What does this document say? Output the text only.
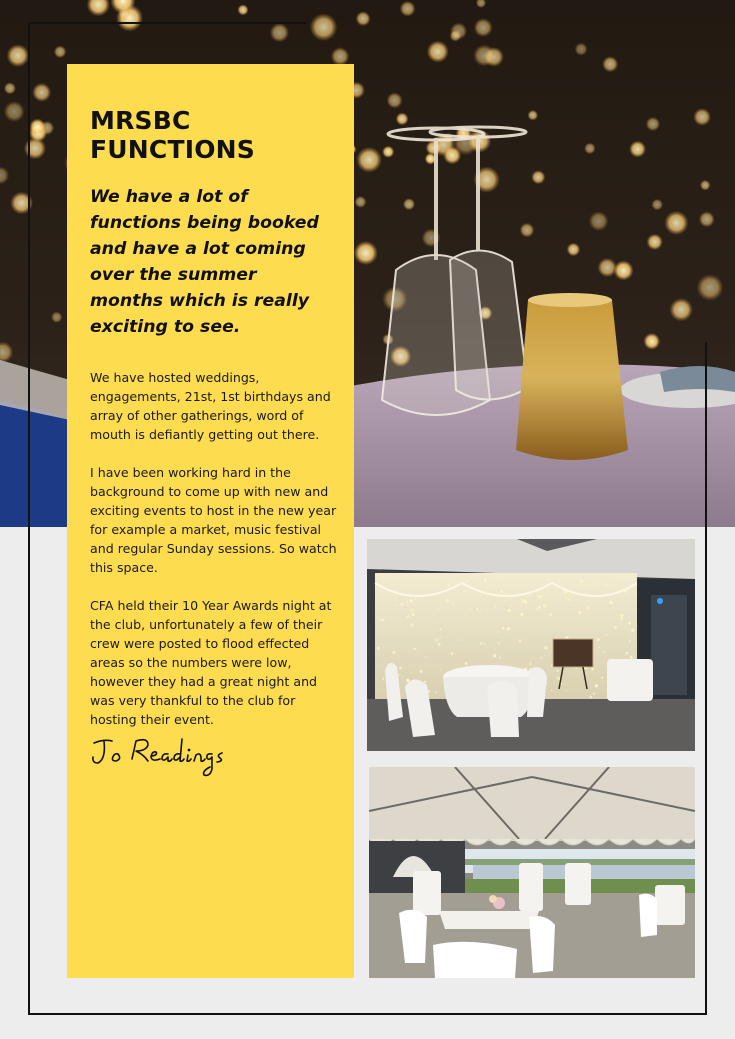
MRSBC FUNCTIONS

We have a lot of functions being booked and have a lot coming over the summer months which is really exciting to see.

We have hosted weddings, engagements, 21st, 1st birthdays and array of other gatherings, word of mouth is defiantly getting out there.

I have been working hard in the background to come up with new and exciting events to host in the new year for example a market, music festival and regular Sunday sessions. So watch this space.

CFA held their 10 Year Awards night at the club, unfortunately a few of their crew were posted to flood effected areas so the numbers were low, however they had a great night and was very thankful to the club for hosting their event.
